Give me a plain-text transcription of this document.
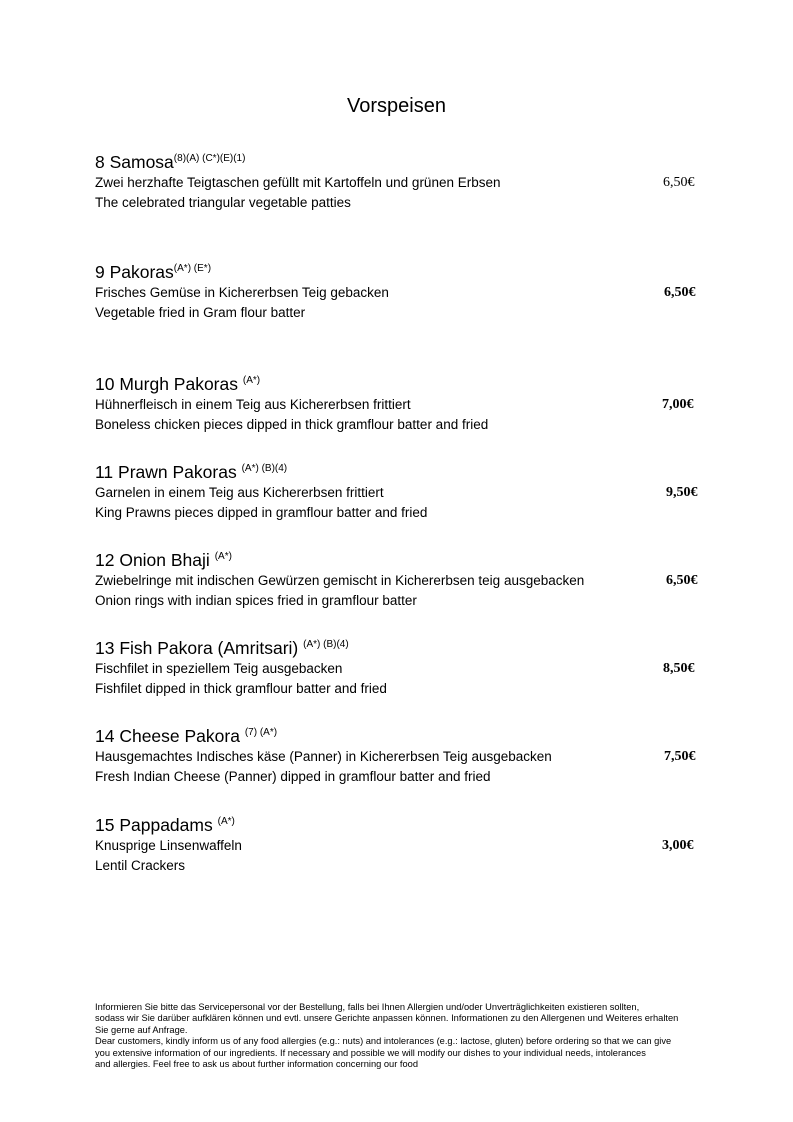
Vorspeisen
8 Samosa$^{(8)(A) (C*)(E)(1)}$
Zwei herzhafte Teigtaschen gefüllt mit Kartoffeln und grünen Erbsen	6,50€
The celebrated triangular vegetable patties
9 Pakoras$^{(A*) (E*)}$
Frisches Gemüse in Kichererbsen Teig gebacken	6,50€
Vegetable fried in Gram flour batter
10 Murgh Pakoras $^{(A*)}$
Hühnerfleisch in einem Teig aus Kichererbsen frittiert	7,00€
Boneless chicken pieces dipped in thick gramflour batter and fried
11 Prawn Pakoras $^{(A*) (B)(4)}$
Garnelen in einem Teig aus Kichererbsen frittiert	9,50€
King Prawns pieces dipped in gramflour batter and fried
12 Onion Bhaji $^{(A*)}$
Zwiebelringe mit indischen Gewürzen gemischt in Kichererbsen teig ausgebacken	6,50€
Onion rings with indian spices fried in gramflour batter
13 Fish Pakora (Amritsari) $^{(A*) (B)(4)}$
Fischfilet in speziellem Teig ausgebacken	8,50€
Fishfilet dipped in thick gramflour batter and fried
14 Cheese Pakora $^{(7) (A*)}$
Hausgemachtes Indisches käse (Panner) in Kichererbsen Teig ausgebacken	7,50€
Fresh Indian Cheese (Panner) dipped in gramflour batter and fried
15 Pappadams $^{(A*)}$
Knusprige Linsenwaffeln	3,00€
Lentil Crackers
Informieren Sie bitte das Servicepersonal vor der Bestellung, falls bei Ihnen Allergien und/oder Unverträglichkeiten existieren sollten,
sodass wir Sie darüber aufklären können und evtl. unsere Gerichte anpassen können. Informationen zu den Allergenen und Weiteres erhalten
Sie gerne auf Anfrage.
Dear customers, kindly inform us of any food allergies (e.g.: nuts) and intolerances (e.g.: lactose, gluten) before ordering so that we can give
you extensive information of our ingredients. If necessary and possible we will modify our dishes to your individual needs, intolerances
and allergies. Feel free to ask us about further information concerning our food
